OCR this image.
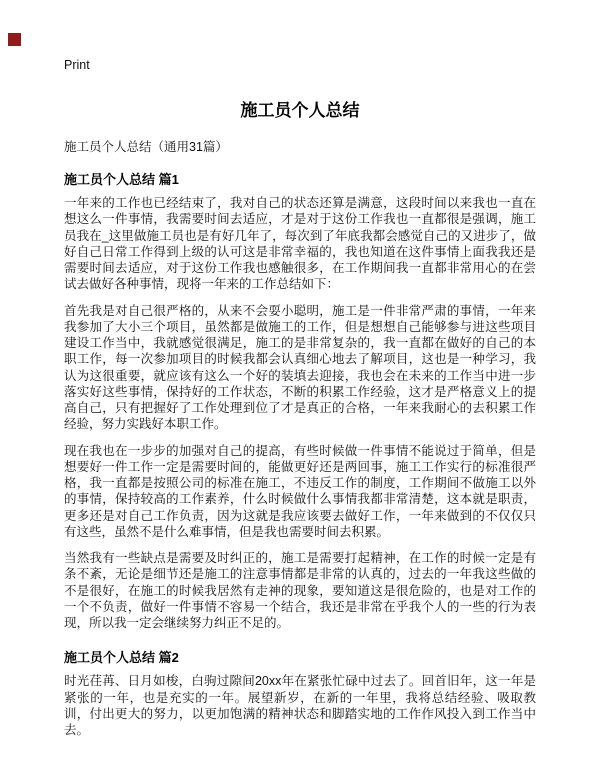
Print
施工员个人总结

施工员个人总结（通用31篇）

施工员个人总结 篇1

一年来的工作也已经结束了，我对自己的状态还算是满意，这段时间以来我也一直在想这么一件事情，我需要时间去适应，才是对于这份工作我也一直都很是强调，施工员我在_这里做施工员也是有好几年了，每次到了年底我都会感觉自己的又进步了，做好自己日常工作得到上级的认可这是非常幸福的，我也知道在这件事情上面我我还是需要时间去适应，对于这份工作我也感触很多，在工作期间我一直都非常用心的在尝试去做好各种事情，现将一年来的工作总结如下：

首先我是对自己很严格的，从来不会耍小聪明，施工是一件非常严肃的事情，一年来我参加了大小三个项目，虽然都是做施工的工作，但是想想自己能够参与进这些项目建设工作当中，我就感觉很满足，施工的是非常复杂的，我一直都在做好的自己的本职工作，每一次参加项目的时候我都会认真细心地去了解项目，这也是一种学习，我认为这很重要，就应该有这么一个好的装填去迎接，我也会在未来的工作当中进一步落实好这些事情，保持好的工作状态，不断的积累工作经验，这才是严格意义上的提高自己，只有把握好了工作处理到位了才是真正的合格，一年来我耐心的去积累工作经验，努力实践好本职工作。

现在我也在一步步的加强对自己的提高，有些时候做一件事情不能说过于简单，但是想要好一件工作一定是需要时间的，能做更好还是两回事，施工工作实行的标准很严格，我一直都是按照公司的标准在施工，不违反工作的制度，工作期间不做施工以外的事情，保持较高的工作素养，什么时候做什么事情我都非常清楚，这本就是职责，更多还是对自己工作负责，因为这就是我应该要去做好工作，一年来做到的不仅仅只有这些，虽然不是什么难事情，但是我也需要时间去积累。

当然我有一些缺点是需要及时纠正的，施工是需要打起精神，在工作的时候一定是有条不紊，无论是细节还是施工的注意事情都是非常的认真的，过去的一年我这些做的不是很好，在施工的时候我居然有走神的现象，要知道这是很危险的，也是对工作的一个不负责，做好一件事情不容易一个结合，我还是非常在乎我个人的一些的行为表现，所以我一定会继续努力纠正不足的。

施工员个人总结 篇2

时光荏苒、日月如梭，白驹过隙间20xx年在紧张忙碌中过去了。回首旧年，这一年是紧张的一年，也是充实的一年。展望新岁，在新的一年里，我将总结经验、吸取教训，付出更大的努力，以更加饱满的精神状态和脚踏实地的工作作风投入到工作当中去。
